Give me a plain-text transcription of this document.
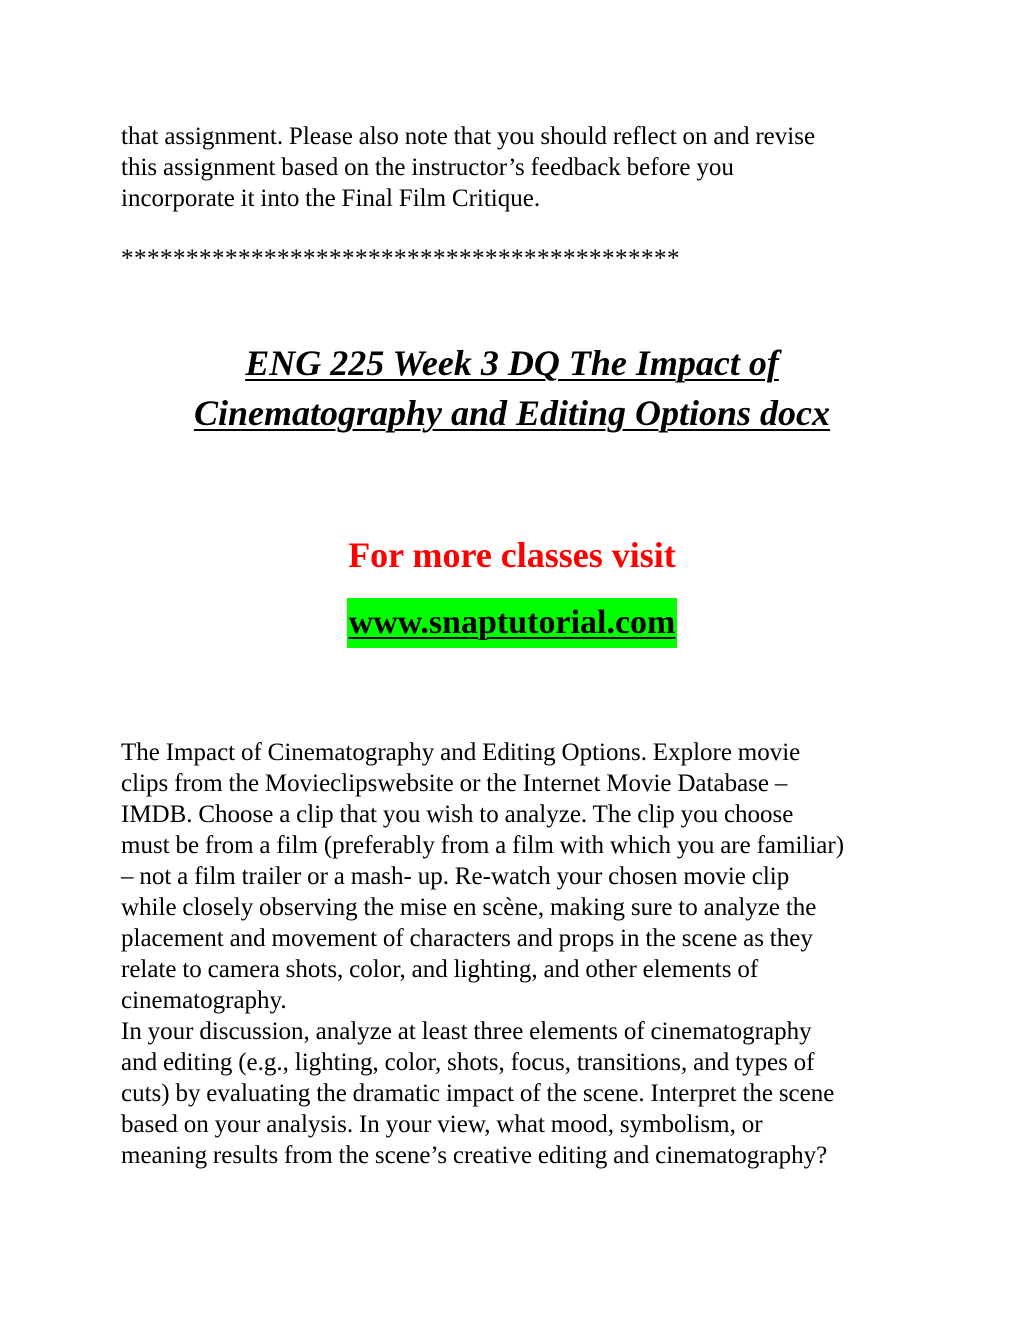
that assignment. Please also note that you should reflect on and revise
this assignment based on the instructor’s feedback before you
incorporate it into the Final Film Critique.

*******************************************

ENG 225 Week 3 DQ The Impact of
Cinematography and Editing Options docx

For more classes visit

www.snaptutorial.com

The Impact of Cinematography and Editing Options. Explore movie
clips from the Movieclipswebsite or the Internet Movie Database –
IMDB. Choose a clip that you wish to analyze. The clip you choose
must be from a film (preferably from a film with which you are familiar)
– not a film trailer or a mash- up. Re-watch your chosen movie clip
while closely observing the mise en scène, making sure to analyze the
placement and movement of characters and props in the scene as they
relate to camera shots, color, and lighting, and other elements of
cinematography.
In your discussion, analyze at least three elements of cinematography
and editing (e.g., lighting, color, shots, focus, transitions, and types of
cuts) by evaluating the dramatic impact of the scene. Interpret the scene
based on your analysis. In your view, what mood, symbolism, or
meaning results from the scene’s creative editing and cinematography?
